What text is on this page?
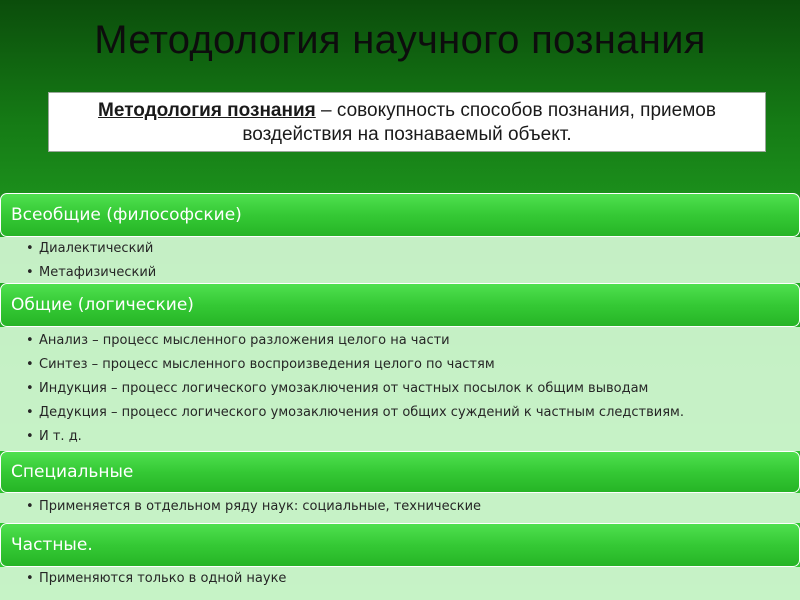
Методология научного познания
Методология познания – совокупность способов познания, приемов воздействия на познаваемый объект.
Всеобщие (философские)
• Диалектический
• Метафизический
Общие (логические)
• Анализ – процесс мысленного разложения целого на части
• Синтез – процесс мысленного воспроизведения целого по частям
• Индукция – процесс логического умозаключения от частных посылок к общим выводам
• Дедукция – процесс логического умозаключения от общих суждений к частным следствиям.
• И т. д.
Специальные
• Применяется в отдельном ряду наук: социальные, технические
Частные.
• Применяются только в одной науке
